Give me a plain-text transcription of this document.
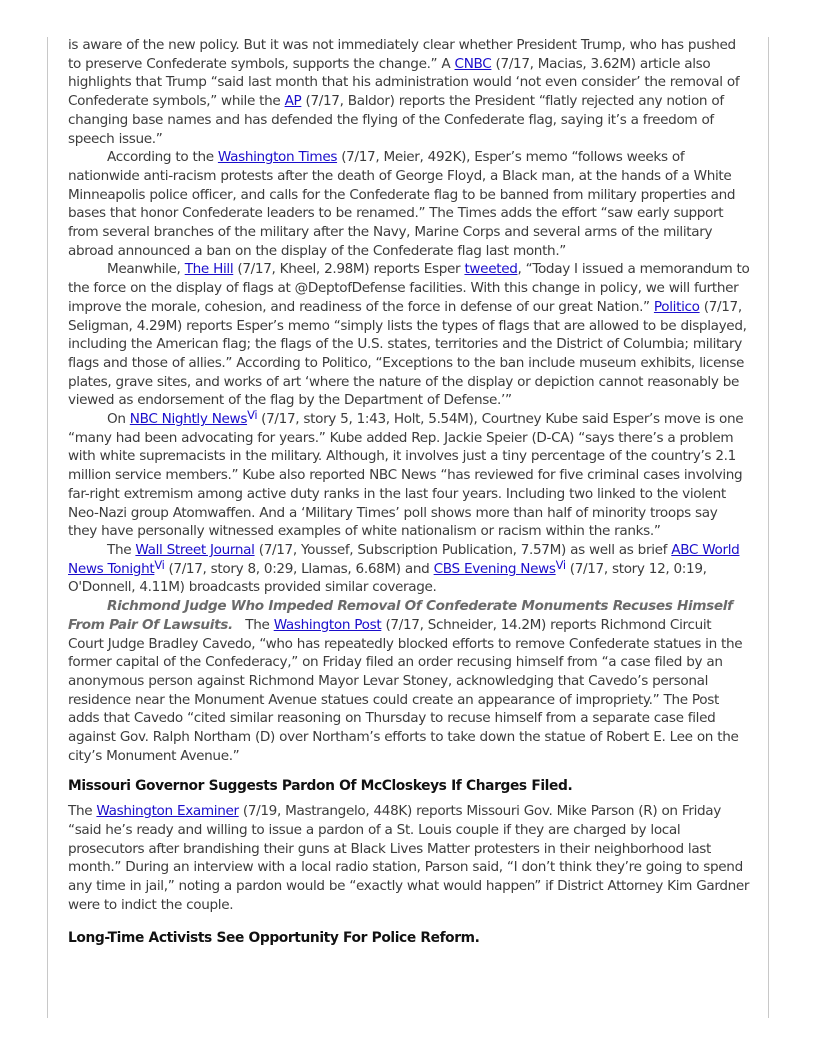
is aware of the new policy. But it was not immediately clear whether President Trump, who has pushed to preserve Confederate symbols, supports the change.” A CNBC (7/17, Macias, 3.62M) article also highlights that Trump “said last month that his administration would ‘not even consider’ the removal of Confederate symbols,” while the AP (7/17, Baldor) reports the President “flatly rejected any notion of changing base names and has defended the flying of the Confederate flag, saying it’s a freedom of speech issue.”

According to the Washington Times (7/17, Meier, 492K), Esper’s memo “follows weeks of nationwide anti-racism protests after the death of George Floyd, a Black man, at the hands of a White Minneapolis police officer, and calls for the Confederate flag to be banned from military properties and bases that honor Confederate leaders to be renamed.” The Times adds the effort “saw early support from several branches of the military after the Navy, Marine Corps and several arms of the military abroad announced a ban on the display of the Confederate flag last month.”

Meanwhile, The Hill (7/17, Kheel, 2.98M) reports Esper tweeted, “Today I issued a memorandum to the force on the display of flags at @DeptofDefense facilities. With this change in policy, we will further improve the morale, cohesion, and readiness of the force in defense of our great Nation.” Politico (7/17, Seligman, 4.29M) reports Esper’s memo “simply lists the types of flags that are allowed to be displayed, including the American flag; the flags of the U.S. states, territories and the District of Columbia; military flags and those of allies.” According to Politico, “Exceptions to the ban include museum exhibits, license plates, grave sites, and works of art ‘where the nature of the display or depiction cannot reasonably be viewed as endorsement of the flag by the Department of Defense.’”

On NBC Nightly News$^{Vi}$ (7/17, story 5, 1:43, Holt, 5.54M), Courtney Kube said Esper’s move is one “many had been advocating for years.” Kube added Rep. Jackie Speier (D-CA) “says there’s a problem with white supremacists in the military. Although, it involves just a tiny percentage of the country’s 2.1 million service members.” Kube also reported NBC News “has reviewed for five criminal cases involving far-right extremism among active duty ranks in the last four years. Including two linked to the violent Neo-Nazi group Atomwaffen. And a ‘Military Times’ poll shows more than half of minority troops say they have personally witnessed examples of white nationalism or racism within the ranks.”

The Wall Street Journal (7/17, Youssef, Subscription Publication, 7.57M) as well as brief ABC World News Tonight$^{Vi}$ (7/17, story 8, 0:29, Llamas, 6.68M) and CBS Evening News$^{Vi}$ (7/17, story 12, 0:19, O'Donnell, 4.11M) broadcasts provided similar coverage.

Richmond Judge Who Impeded Removal Of Confederate Monuments Recuses Himself From Pair Of Lawsuits.   The Washington Post (7/17, Schneider, 14.2M) reports Richmond Circuit Court Judge Bradley Cavedo, “who has repeatedly blocked efforts to remove Confederate statues in the former capital of the Confederacy,” on Friday filed an order recusing himself from “a case filed by an anonymous person against Richmond Mayor Levar Stoney, acknowledging that Cavedo’s personal residence near the Monument Avenue statues could create an appearance of impropriety.” The Post adds that Cavedo “cited similar reasoning on Thursday to recuse himself from a separate case filed against Gov. Ralph Northam (D) over Northam’s efforts to take down the statue of Robert E. Lee on the city’s Monument Avenue.”

Missouri Governor Suggests Pardon Of McCloskeys If Charges Filed.

The Washington Examiner (7/19, Mastrangelo, 448K) reports Missouri Gov. Mike Parson (R) on Friday “said he’s ready and willing to issue a pardon of a St. Louis couple if they are charged by local prosecutors after brandishing their guns at Black Lives Matter protesters in their neighborhood last month.” During an interview with a local radio station, Parson said, “I don’t think they’re going to spend any time in jail,” noting a pardon would be “exactly what would happen” if District Attorney Kim Gardner were to indict the couple.

Long-Time Activists See Opportunity For Police Reform.
